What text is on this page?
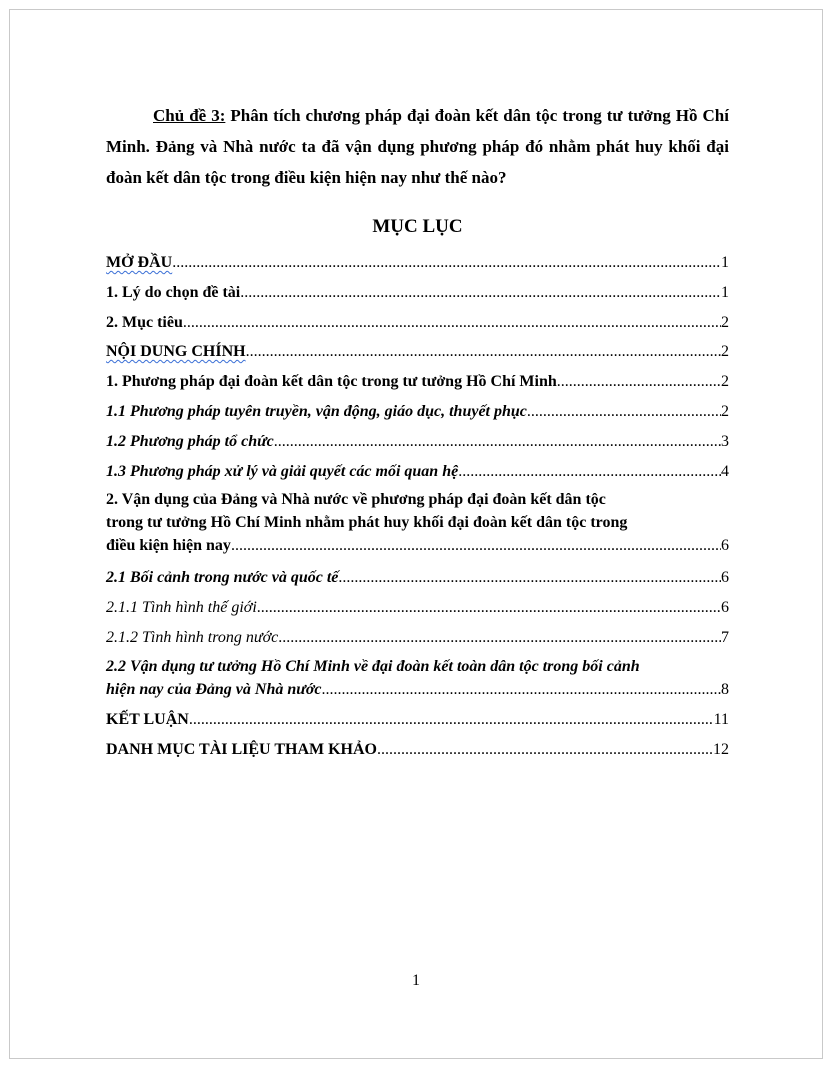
Chủ đề 3: Phân tích chương pháp đại đoàn kết dân tộc trong tư tưởng Hồ Chí Minh. Đảng và Nhà nước ta đã vận dụng phương pháp đó nhằm phát huy khối đại đoàn kết dân tộc trong điều kiện hiện nay như thế nào?
MỤC LỤC
MỞ ĐẦU .....	1
1. Lý do chọn đề tài .....	1
2. Mục tiêu .....	2
NỘI DUNG CHÍNH .....	2
1. Phương pháp đại đoàn kết dân tộc trong tư tưởng Hồ Chí Minh .....	2
1.1 Phương pháp tuyên truyền, vận động, giáo dục, thuyết phục .....	2
1.2 Phương pháp tổ chức .....	3
1.3 Phương pháp xử lý và giải quyết các mối quan hệ .....	4
2. Vận dụng của Đảng và Nhà nước về phương pháp đại đoàn kết dân tộc
trong tư tưởng Hồ Chí Minh nhằm phát huy khối đại đoàn kết dân tộc trong
điều kiện hiện nay .....	6
2.1 Bối cảnh trong nước và quốc tế .....	6
2.1.1 Tình hình thế giới .....	6
2.1.2 Tình hình trong nước .....	7
2.2 Vận dụng tư tưởng Hồ Chí Minh về đại đoàn kết toàn dân tộc trong bối cảnh
hiện nay của Đảng và Nhà nước .....	8
KẾT LUẬN .....	11
DANH MỤC TÀI LIỆU THAM KHẢO .....	12
1
